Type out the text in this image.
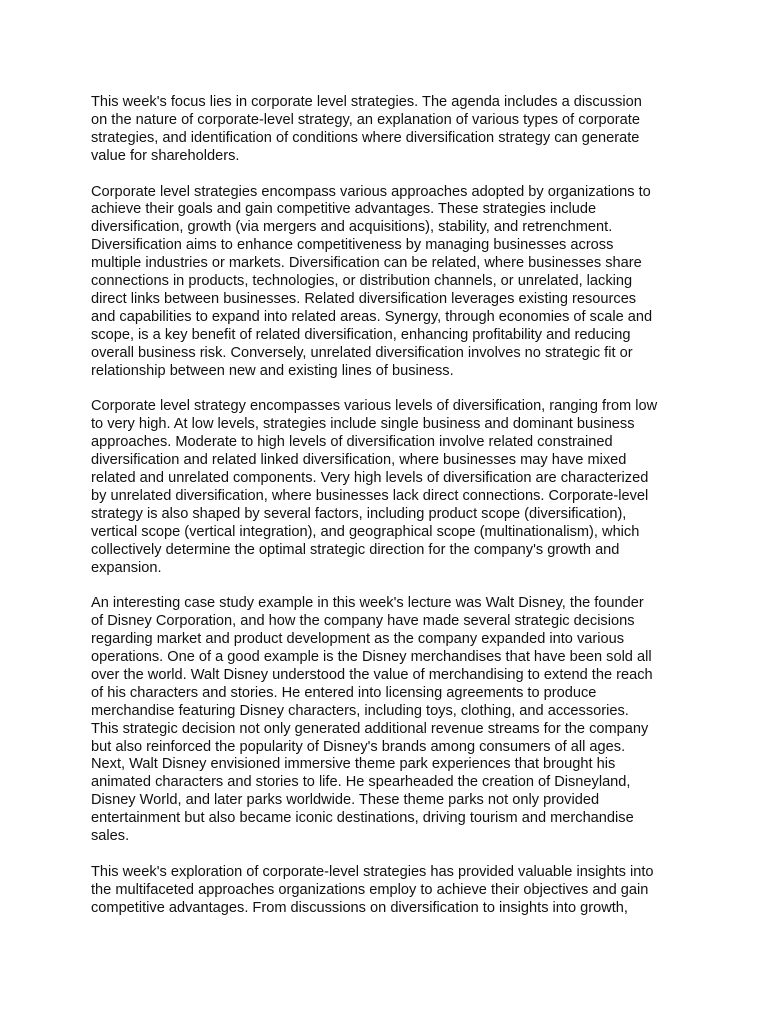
This week's focus lies in corporate level strategies. The agenda includes a discussion
on the nature of corporate-level strategy, an explanation of various types of corporate
strategies, and identification of conditions where diversification strategy can generate
value for shareholders.

Corporate level strategies encompass various approaches adopted by organizations to
achieve their goals and gain competitive advantages. These strategies include
diversification, growth (via mergers and acquisitions), stability, and retrenchment.
Diversification aims to enhance competitiveness by managing businesses across
multiple industries or markets. Diversification can be related, where businesses share
connections in products, technologies, or distribution channels, or unrelated, lacking
direct links between businesses. Related diversification leverages existing resources
and capabilities to expand into related areas. Synergy, through economies of scale and
scope, is a key benefit of related diversification, enhancing profitability and reducing
overall business risk. Conversely, unrelated diversification involves no strategic fit or
relationship between new and existing lines of business.

Corporate level strategy encompasses various levels of diversification, ranging from low
to very high. At low levels, strategies include single business and dominant business
approaches. Moderate to high levels of diversification involve related constrained
diversification and related linked diversification, where businesses may have mixed
related and unrelated components. Very high levels of diversification are characterized
by unrelated diversification, where businesses lack direct connections. Corporate-level
strategy is also shaped by several factors, including product scope (diversification),
vertical scope (vertical integration), and geographical scope (multinationalism), which
collectively determine the optimal strategic direction for the company's growth and
expansion.

An interesting case study example in this week's lecture was Walt Disney, the founder
of Disney Corporation, and how the company have made several strategic decisions
regarding market and product development as the company expanded into various
operations. One of a good example is the Disney merchandises that have been sold all
over the world. Walt Disney understood the value of merchandising to extend the reach
of his characters and stories. He entered into licensing agreements to produce
merchandise featuring Disney characters, including toys, clothing, and accessories.
This strategic decision not only generated additional revenue streams for the company
but also reinforced the popularity of Disney's brands among consumers of all ages.
Next, Walt Disney envisioned immersive theme park experiences that brought his
animated characters and stories to life. He spearheaded the creation of Disneyland,
Disney World, and later parks worldwide. These theme parks not only provided
entertainment but also became iconic destinations, driving tourism and merchandise
sales.

This week's exploration of corporate-level strategies has provided valuable insights into
the multifaceted approaches organizations employ to achieve their objectives and gain
competitive advantages. From discussions on diversification to insights into growth,
